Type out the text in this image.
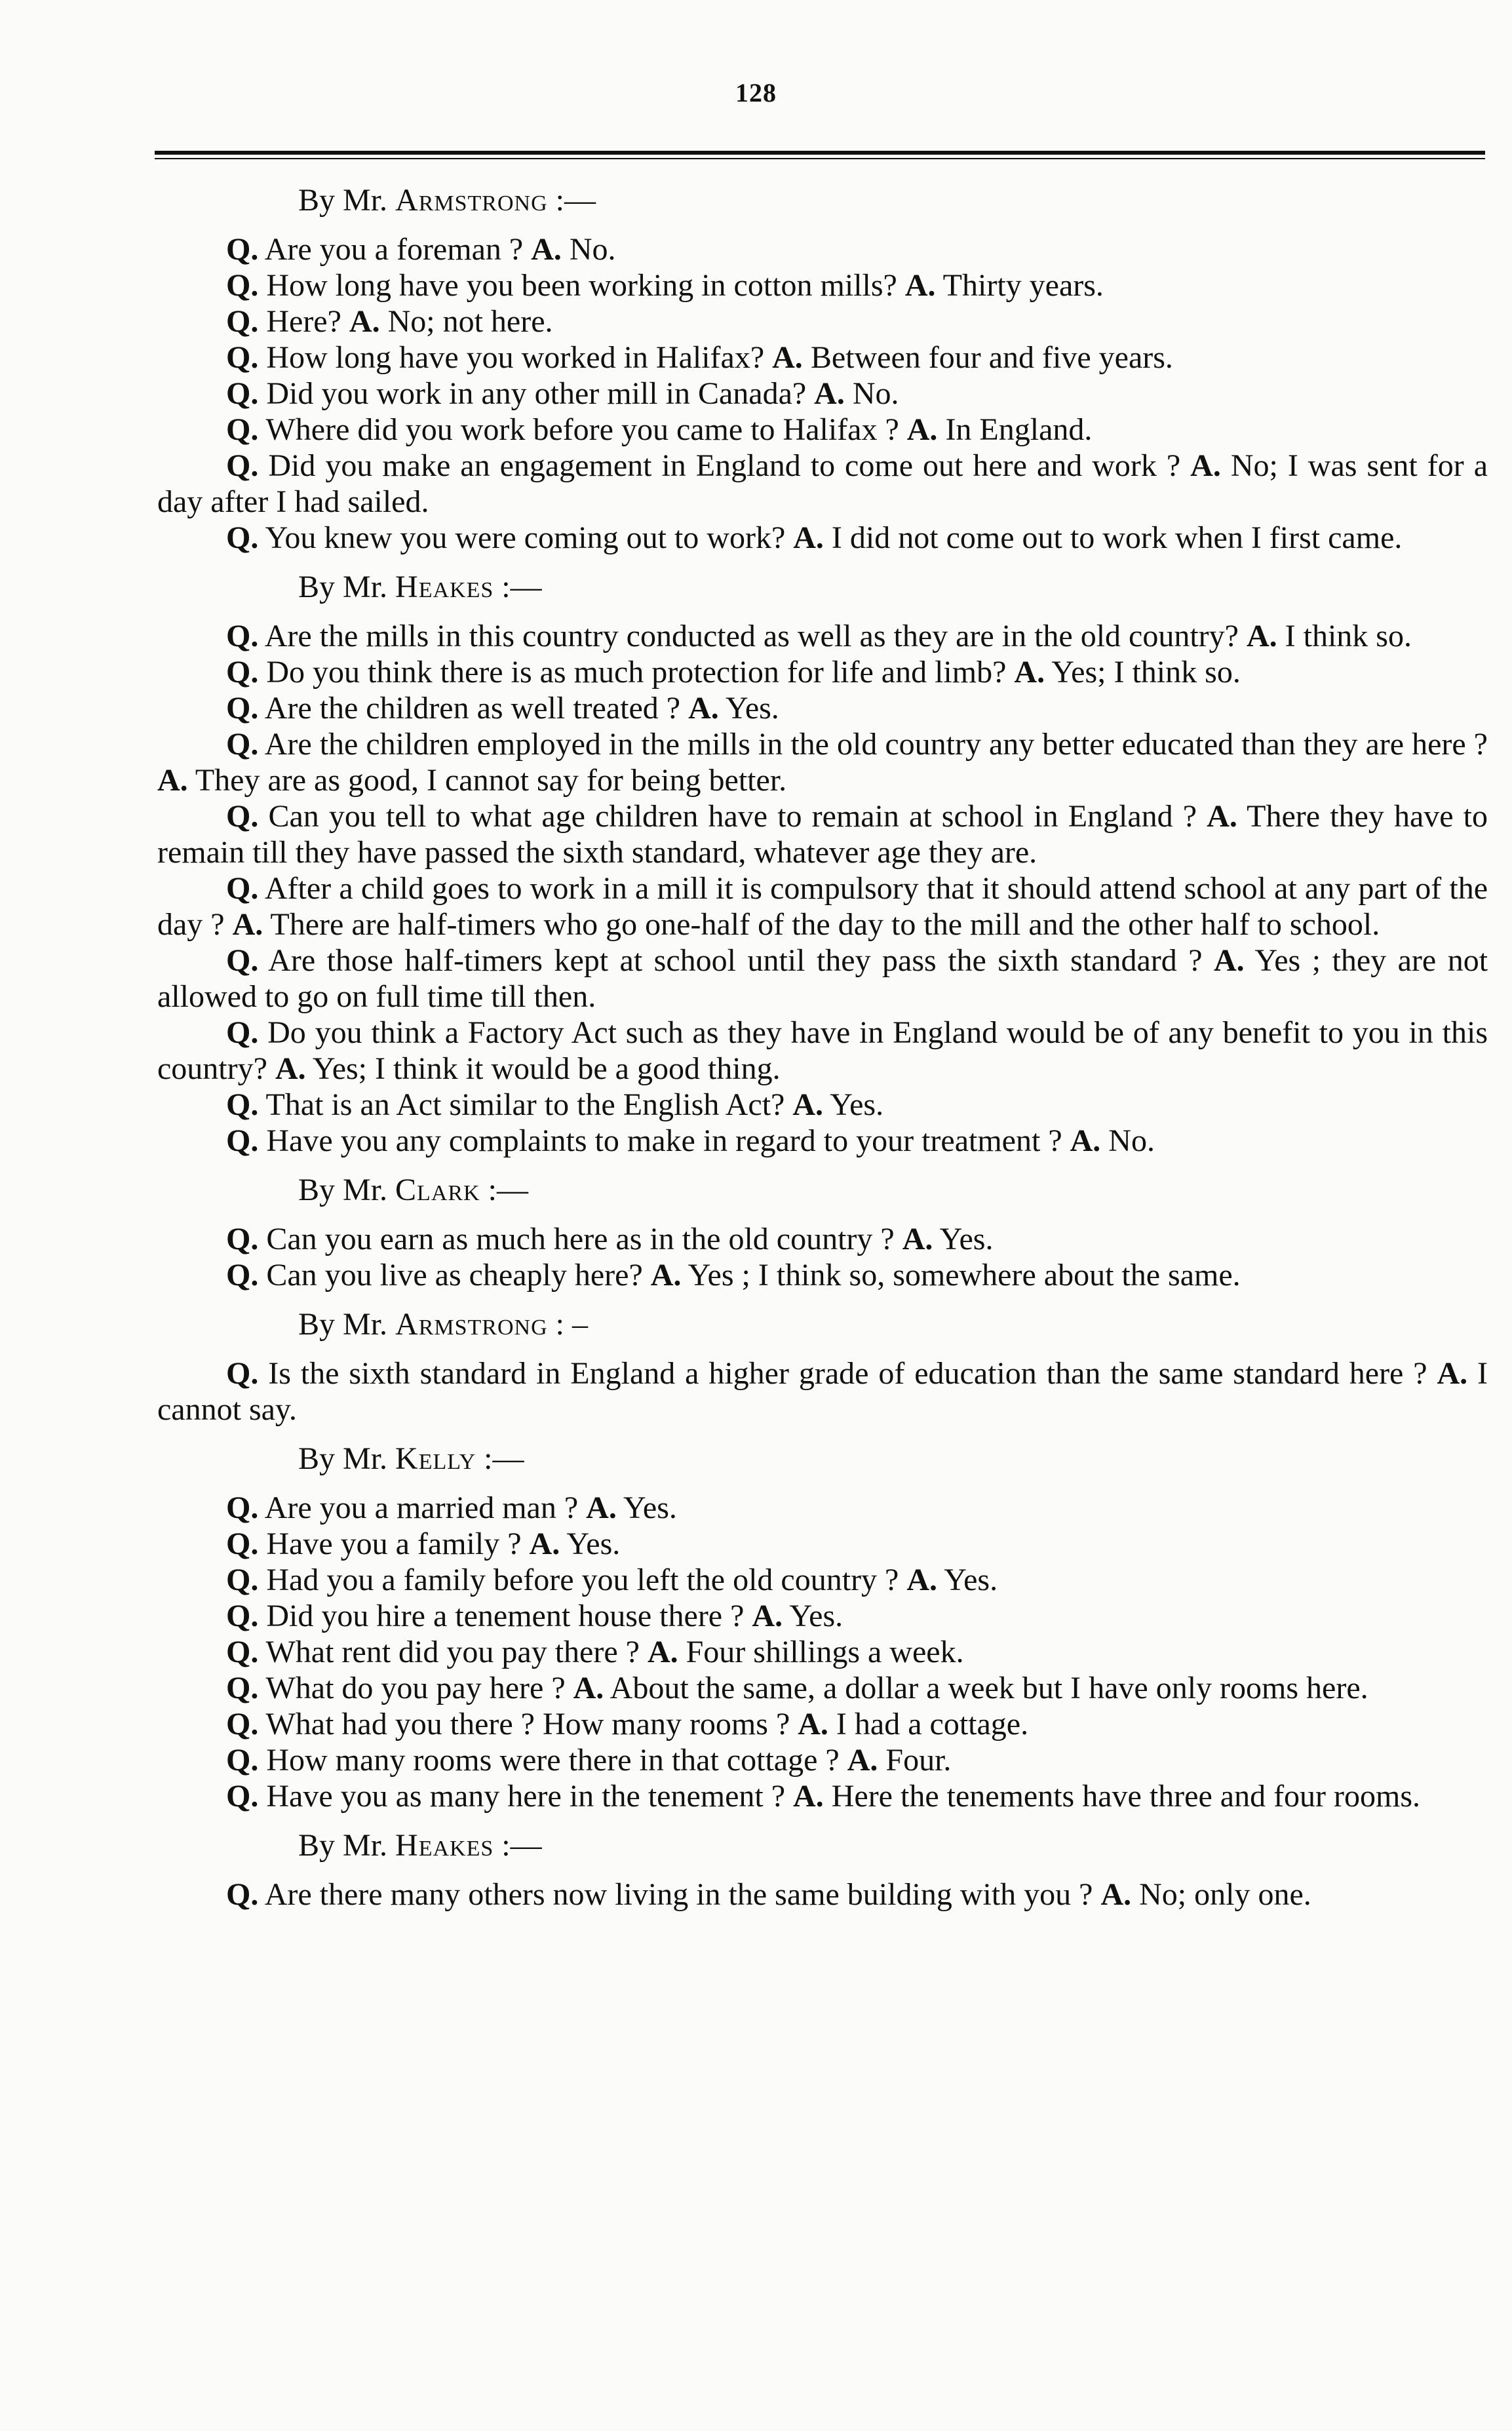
128
By Mr. Armstrong :—

Q. Are you a foreman ? A. No.

Q. How long have you been working in cotton mills? A. Thirty years.

Q. Here? A. No; not here.

Q. How long have you worked in Halifax? A. Between four and five years.

Q. Did you work in any other mill in Canada? A. No.

Q. Where did you work before you came to Halifax ? A. In England.

Q. Did you make an engagement in England to come out here and work ? A. No; I was sent for a day after I had sailed.

Q. You knew you were coming out to work? A. I did not come out to work when I first came.

By Mr. Heakes :—

Q. Are the mills in this country conducted as well as they are in the old country? A. I think so.

Q. Do you think there is as much protection for life and limb? A. Yes; I think so.

Q. Are the children as well treated ? A. Yes.

Q. Are the children employed in the mills in the old country any better educated than they are here ? A. They are as good, I cannot say for being better.

Q. Can you tell to what age children have to remain at school in England ? A. There they have to remain till they have passed the sixth standard, whatever age they are.

Q. After a child goes to work in a mill it is compulsory that it should attend school at any part of the day ? A. There are half-timers who go one-half of the day to the mill and the other half to school.

Q. Are those half-timers kept at school until they pass the sixth standard ? A. Yes ; they are not allowed to go on full time till then.

Q. Do you think a Factory Act such as they have in England would be of any benefit to you in this country? A. Yes; I think it would be a good thing.

Q. That is an Act similar to the English Act? A. Yes.

Q. Have you any complaints to make in regard to your treatment ? A. No.

By Mr. Clark :—

Q. Can you earn as much here as in the old country ? A. Yes.

Q. Can you live as cheaply here? A. Yes ; I think so, somewhere about the same.

By Mr. Armstrong : –

Q. Is the sixth standard in England a higher grade of education than the same standard here ? A. I cannot say.

By Mr. Kelly :—

Q. Are you a married man ? A. Yes.

Q. Have you a family ? A. Yes.

Q. Had you a family before you left the old country ? A. Yes.

Q. Did you hire a tenement house there ? A. Yes.

Q. What rent did you pay there ? A. Four shillings a week.

Q. What do you pay here ? A. About the same, a dollar a week but I have only rooms here.

Q. What had you there ? How many rooms ? A. I had a cottage.

Q. How many rooms were there in that cottage ? A. Four.

Q. Have you as many here in the tenement ? A. Here the tenements have three and four rooms.

By Mr. Heakes :—

Q. Are there many others now living in the same building with you ? A. No; only one.
